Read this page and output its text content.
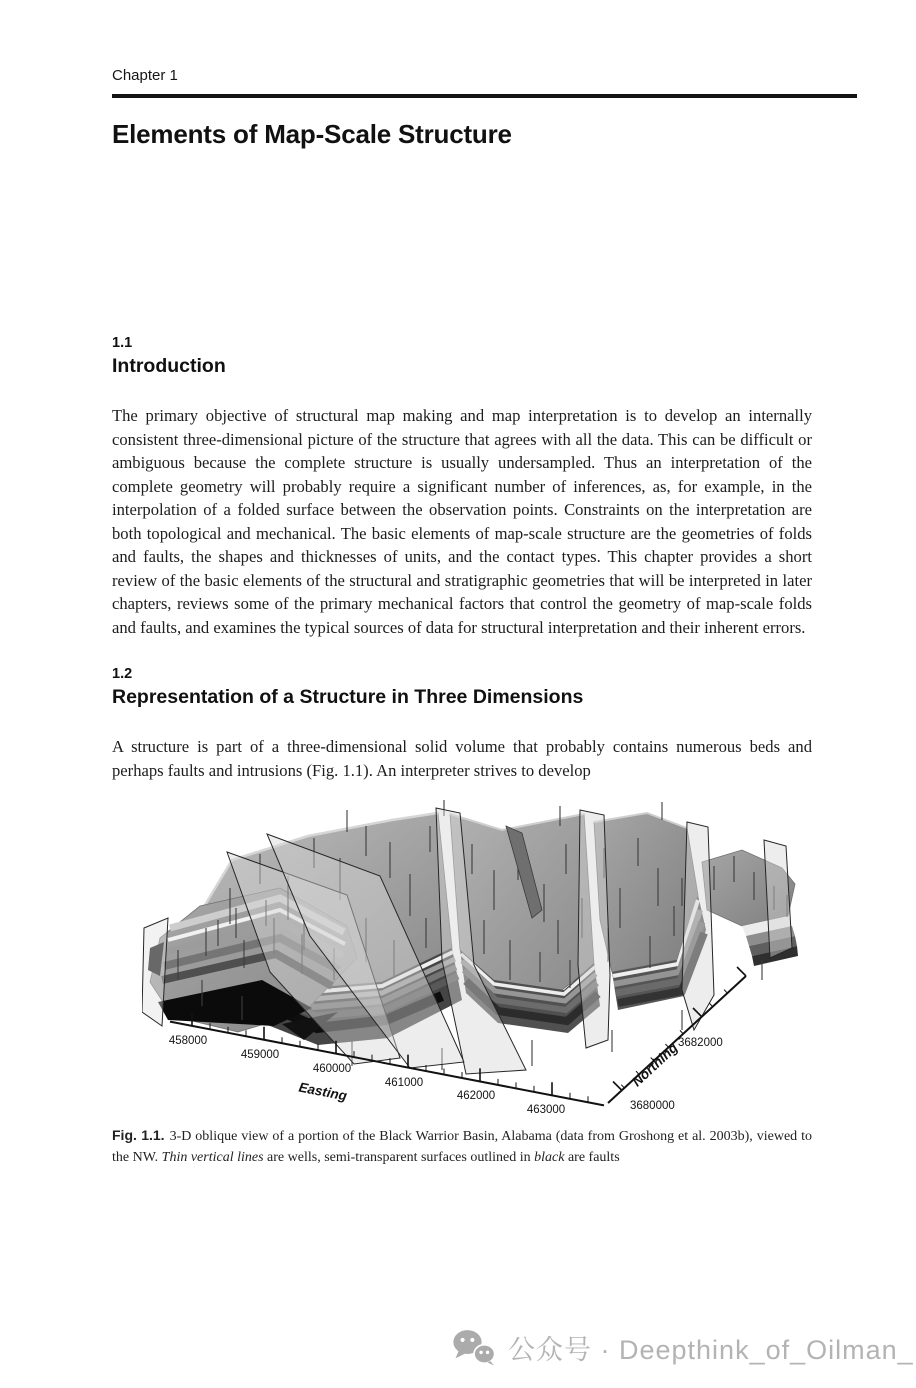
Chapter 1
Elements of Map-Scale Structure
1.1
Introduction

The primary objective of structural map making and map interpretation is to develop an internally consistent three-dimensional picture of the structure that agrees with all the data. This can be difficult or ambiguous because the complete structure is usually undersampled. Thus an interpretation of the complete geometry will probably require a significant number of inferences, as, for example, in the interpolation of a folded surface between the observation points. Constraints on the interpretation are both topological and mechanical. The basic elements of map-scale structure are the geometries of folds and faults, the shapes and thicknesses of units, and the contact types. This chapter provides a short review of the basic elements of the structural and stratigraphic geometries that will be interpreted in later chapters, reviews some of the primary mechanical factors that control the geometry of map-scale folds and faults, and examines the typical sources of data for structural interpretation and their inherent errors.

1.2
Representation of a Structure in Three Dimensions

A structure is part of a three-dimensional solid volume that probably contains numerous beds and perhaps faults and intrusions (Fig. 1.1). An interpreter strives to develop

458000
459000
460000
461000
462000
463000
Easting
3680000
3682000
Northing

Fig. 1.1. 3-D oblique view of a portion of the Black Warrior Basin, Alabama (data from Groshong et al. 2003b), viewed to the NW. Thin vertical lines are wells, semi-transparent surfaces outlined in black are faults

公众号 · Deepthink_of_Oilman_
